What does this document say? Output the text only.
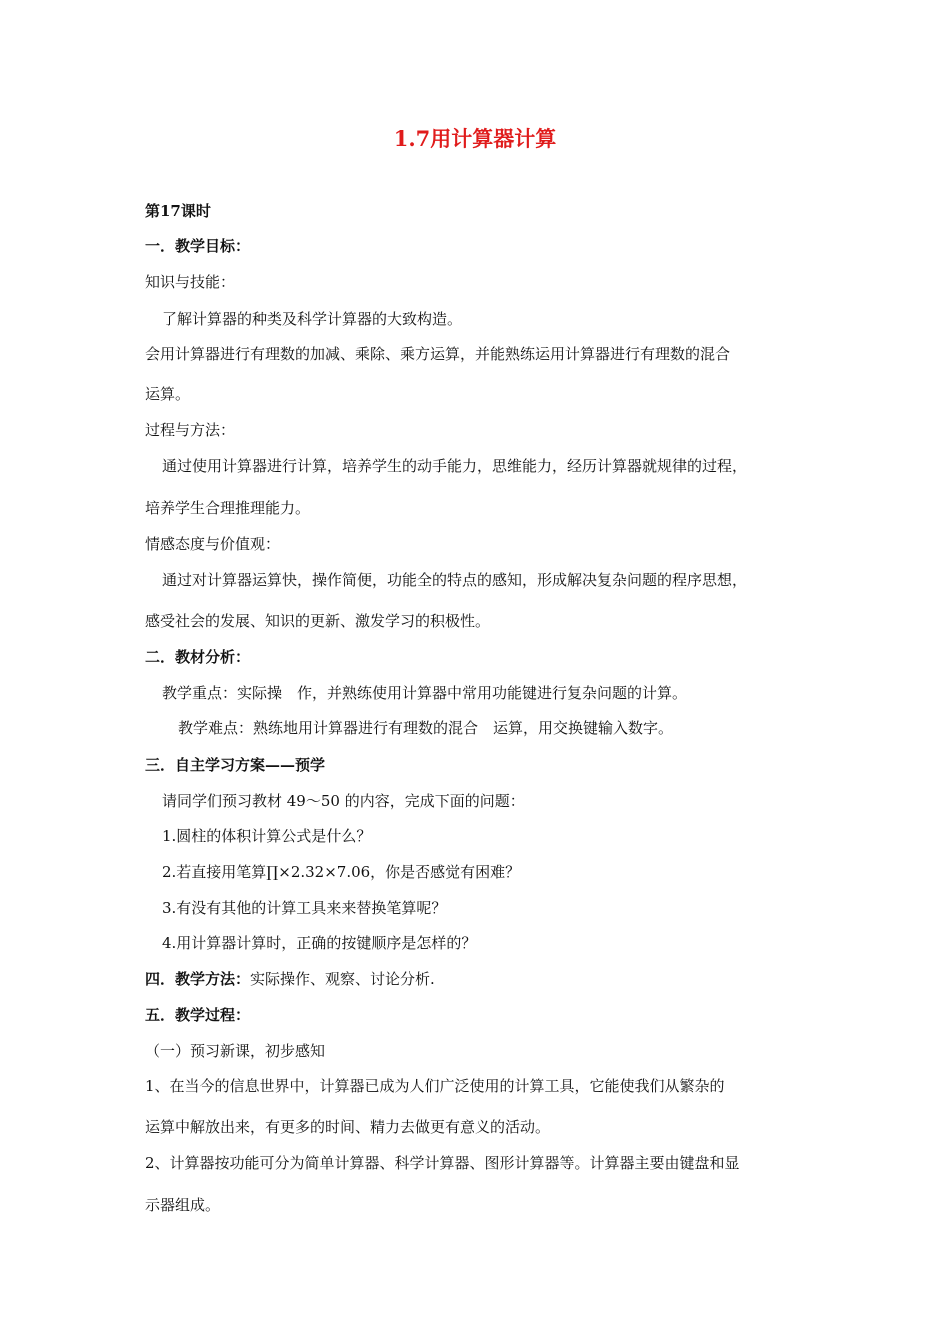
1.7用计算器计算
第17课时
一．教学目标：
知识与技能：
了解计算器的种类及科学计算器的大致构造。
会用计算器进行有理数的加减、乘除、乘方运算，并能熟练运用计算器进行有理数的混合
运算。
过程与方法：
通过使用计算器进行计算，培养学生的动手能力，思维能力，经历计算器就规律的过程，
培养学生合理推理能力。
情感态度与价值观：
通过对计算器运算快，操作简便，功能全的特点的感知，形成解决复杂问题的程序思想，
感受社会的发展、知识的更新、激发学习的积极性。
二．教材分析：
教学重点：实际操　作，并熟练使用计算器中常用功能键进行复杂问题的计算。
教学难点：熟练地用计算器进行有理数的混合　运算，用交换键输入数字。
三．自主学习方案——预学
请同学们预习教材 49～50 的内容，完成下面的问题：
1.圆柱的体积计算公式是什么？
2.若直接用笔算∏×2.32×7.06，你是否感觉有困难？
3.有没有其他的计算工具来来替换笔算呢？
4.用计算器计算时，正确的按键顺序是怎样的？
四．教学方法：实际操作、观察、讨论分析.
五．教学过程：
（一）预习新课，初步感知
1、在当今的信息世界中，计算器已成为人们广泛使用的计算工具，它能使我们从繁杂的
运算中解放出来，有更多的时间、精力去做更有意义的活动。
2、计算器按功能可分为简单计算器、科学计算器、图形计算器等。计算器主要由键盘和显
示器组成。
